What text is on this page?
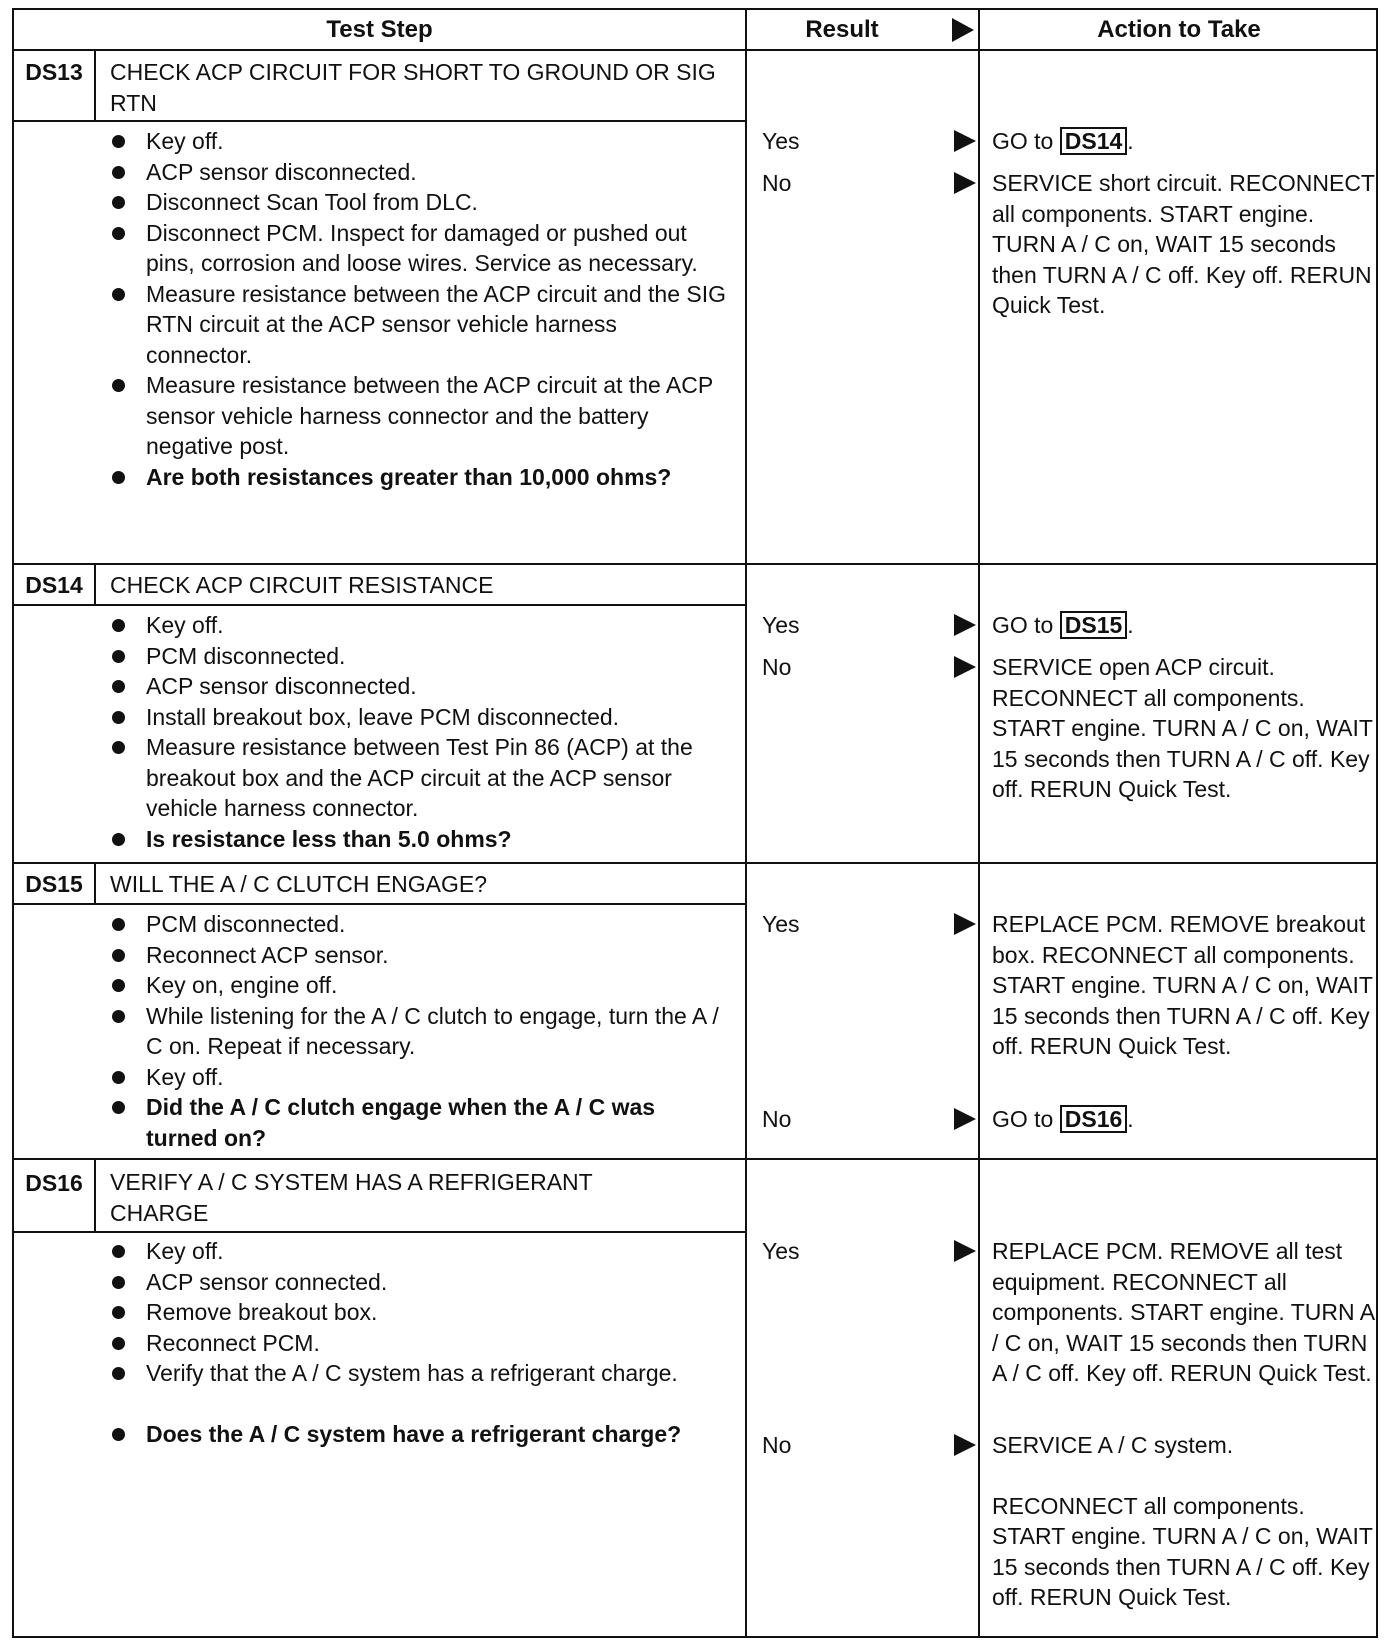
Test Step	Result	Action to Take
DS13	CHECK ACP CIRCUIT FOR SHORT TO GROUND OR SIG RTN
Key off.
ACP sensor disconnected.
Disconnect Scan Tool from DLC.
Disconnect PCM. Inspect for damaged or pushed out pins, corrosion and loose wires. Service as necessary.
Measure resistance between the ACP circuit and the SIG RTN circuit at the ACP sensor vehicle harness connector.
Measure resistance between the ACP circuit at the ACP sensor vehicle harness connector and the battery negative post.
Are both resistances greater than 10,000 ohms?
Yes	GO to DS14 .
No	SERVICE short circuit. RECONNECT all components. START engine. TURN A / C on, WAIT 15 seconds then TURN A / C off. Key off. RERUN Quick Test.
DS14	CHECK ACP CIRCUIT RESISTANCE
Key off.
PCM disconnected.
ACP sensor disconnected.
Install breakout box, leave PCM disconnected.
Measure resistance between Test Pin 86 (ACP) at the breakout box and the ACP circuit at the ACP sensor vehicle harness connector.
Is resistance less than 5.0 ohms?
Yes	GO to DS15 .
No	SERVICE open ACP circuit. RECONNECT all components. START engine. TURN A / C on, WAIT 15 seconds then TURN A / C off. Key off. RERUN Quick Test.
DS15	WILL THE A / C CLUTCH ENGAGE?
PCM disconnected.
Reconnect ACP sensor.
Key on, engine off.
While listening for the A / C clutch to engage, turn the A / C on. Repeat if necessary.
Key off.
Did the A / C clutch engage when the A / C was turned on?
Yes	REPLACE PCM. REMOVE breakout box. RECONNECT all components. START engine. TURN A / C on, WAIT 15 seconds then TURN A / C off. Key off. RERUN Quick Test.
No	GO to DS16 .
DS16	VERIFY A / C SYSTEM HAS A REFRIGERANT CHARGE
Key off.
ACP sensor connected.
Remove breakout box.
Reconnect PCM.
Verify that the A / C system has a refrigerant charge.
Does the A / C system have a refrigerant charge?
Yes	REPLACE PCM. REMOVE all test equipment. RECONNECT all components. START engine. TURN A / C on, WAIT 15 seconds then TURN A / C off. Key off. RERUN Quick Test.
No	SERVICE A / C system.
RECONNECT all components. START engine. TURN A / C on, WAIT 15 seconds then TURN A / C off. Key off. RERUN Quick Test.
